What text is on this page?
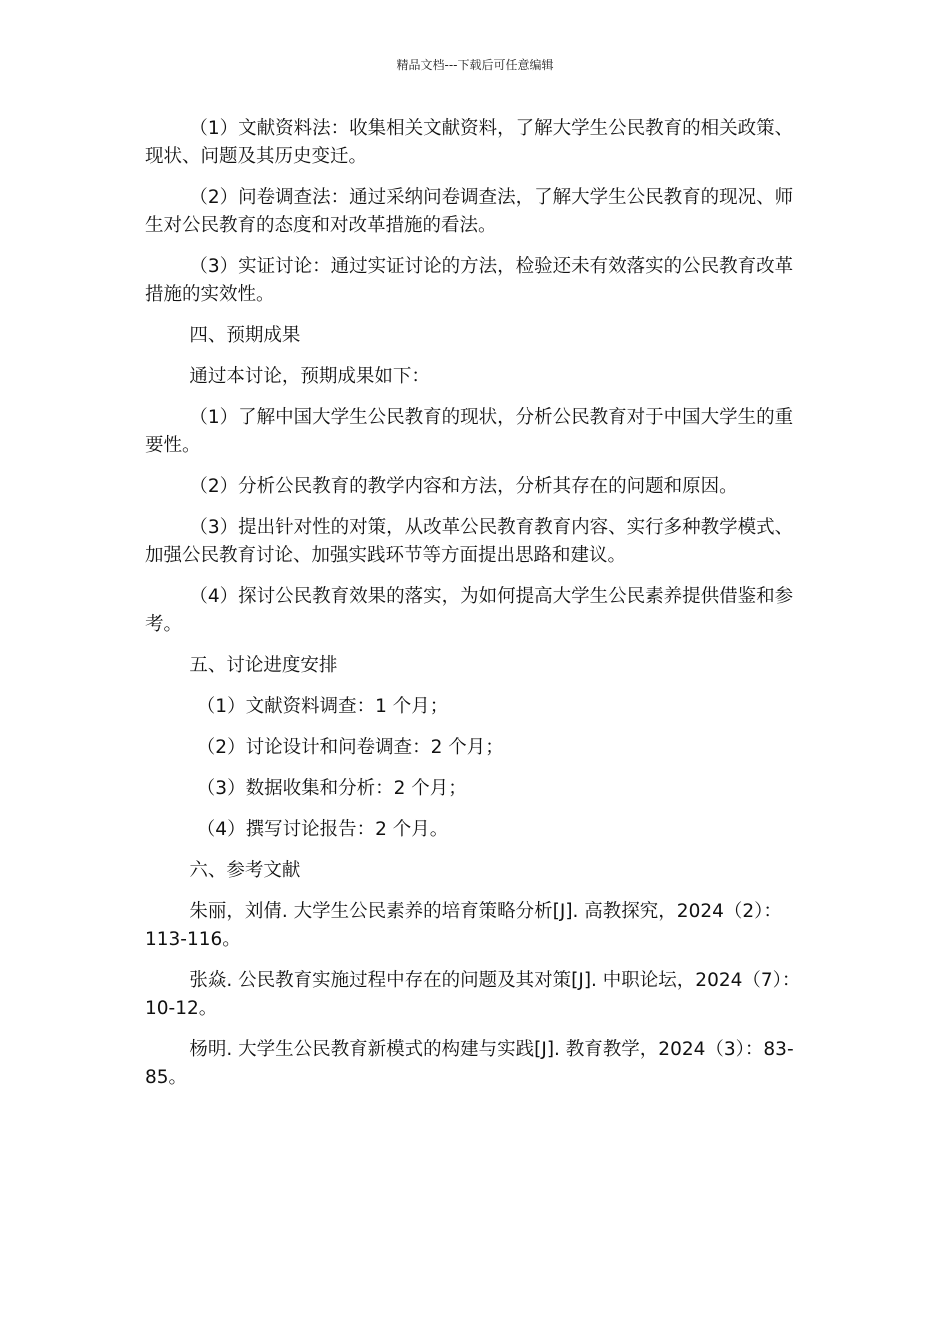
精品文档---下载后可任意编辑

（1）文献资料法：收集相关文献资料，了解大学生公民教育的相关政策、现状、问题及其历史变迁。

（2）问卷调查法：通过采纳问卷调查法，了解大学生公民教育的现况、师生对公民教育的态度和对改革措施的看法。

（3）实证讨论：通过实证讨论的方法，检验还未有效落实的公民教育改革措施的实效性。

四、预期成果

通过本讨论，预期成果如下：

（1）了解中国大学生公民教育的现状，分析公民教育对于中国大学生的重要性。

（2）分析公民教育的教学内容和方法，分析其存在的问题和原因。

（3）提出针对性的对策，从改革公民教育教育内容、实行多种教学模式、加强公民教育讨论、加强实践环节等方面提出思路和建议。

（4）探讨公民教育效果的落实，为如何提高大学生公民素养提供借鉴和参考。

五、讨论进度安排

（1）文献资料调查：1 个月；

（2）讨论设计和问卷调查：2 个月；

（3）数据收集和分析：2 个月；

（4）撰写讨论报告：2 个月。

六、参考文献

朱丽，刘倩. 大学生公民素养的培育策略分析[J]. 高教探究，2024（2）：113-116。

张焱. 公民教育实施过程中存在的问题及其对策[J]. 中职论坛，2024（7）：10-12。

杨明. 大学生公民教育新模式的构建与实践[J]. 教育教学，2024（3）：83-85。
